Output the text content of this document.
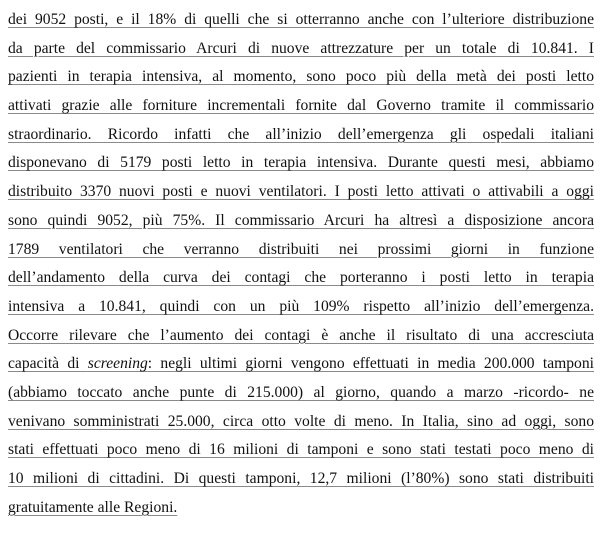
dei 9052 posti, e il 18% di quelli che si otterranno anche con l’ulteriore distribuzione
da parte del commissario Arcuri di nuove attrezzature per un totale di 10.841. I
pazienti in terapia intensiva, al momento, sono poco più della metà dei posti letto
attivati grazie alle forniture incrementali fornite dal Governo tramite il commissario
straordinario. Ricordo infatti che all’inizio dell’emergenza gli ospedali italiani
disponevano di 5179 posti letto in terapia intensiva. Durante questi mesi, abbiamo
distribuito 3370 nuovi posti e nuovi ventilatori. I posti letto attivati o attivabili a oggi
sono quindi 9052, più 75%. Il commissario Arcuri ha altresì a disposizione ancora
1789 ventilatori che verranno distribuiti nei prossimi giorni in funzione
dell’andamento della curva dei contagi che porteranno i posti letto in terapia
intensiva a 10.841, quindi con un più 109% rispetto all’inizio dell’emergenza.
Occorre rilevare che l’aumento dei contagi è anche il risultato di una accresciuta
capacità di screening: negli ultimi giorni vengono effettuati in media 200.000 tamponi
(abbiamo toccato anche punte di 215.000) al giorno, quando a marzo -ricordo- ne
venivano somministrati 25.000, circa otto volte di meno. In Italia, sino ad oggi, sono
stati effettuati poco meno di 16 milioni di tamponi e sono stati testati poco meno di
10 milioni di cittadini. Di questi tamponi, 12,7 milioni (l’80%) sono stati distribuiti
gratuitamente alle Regioni.
